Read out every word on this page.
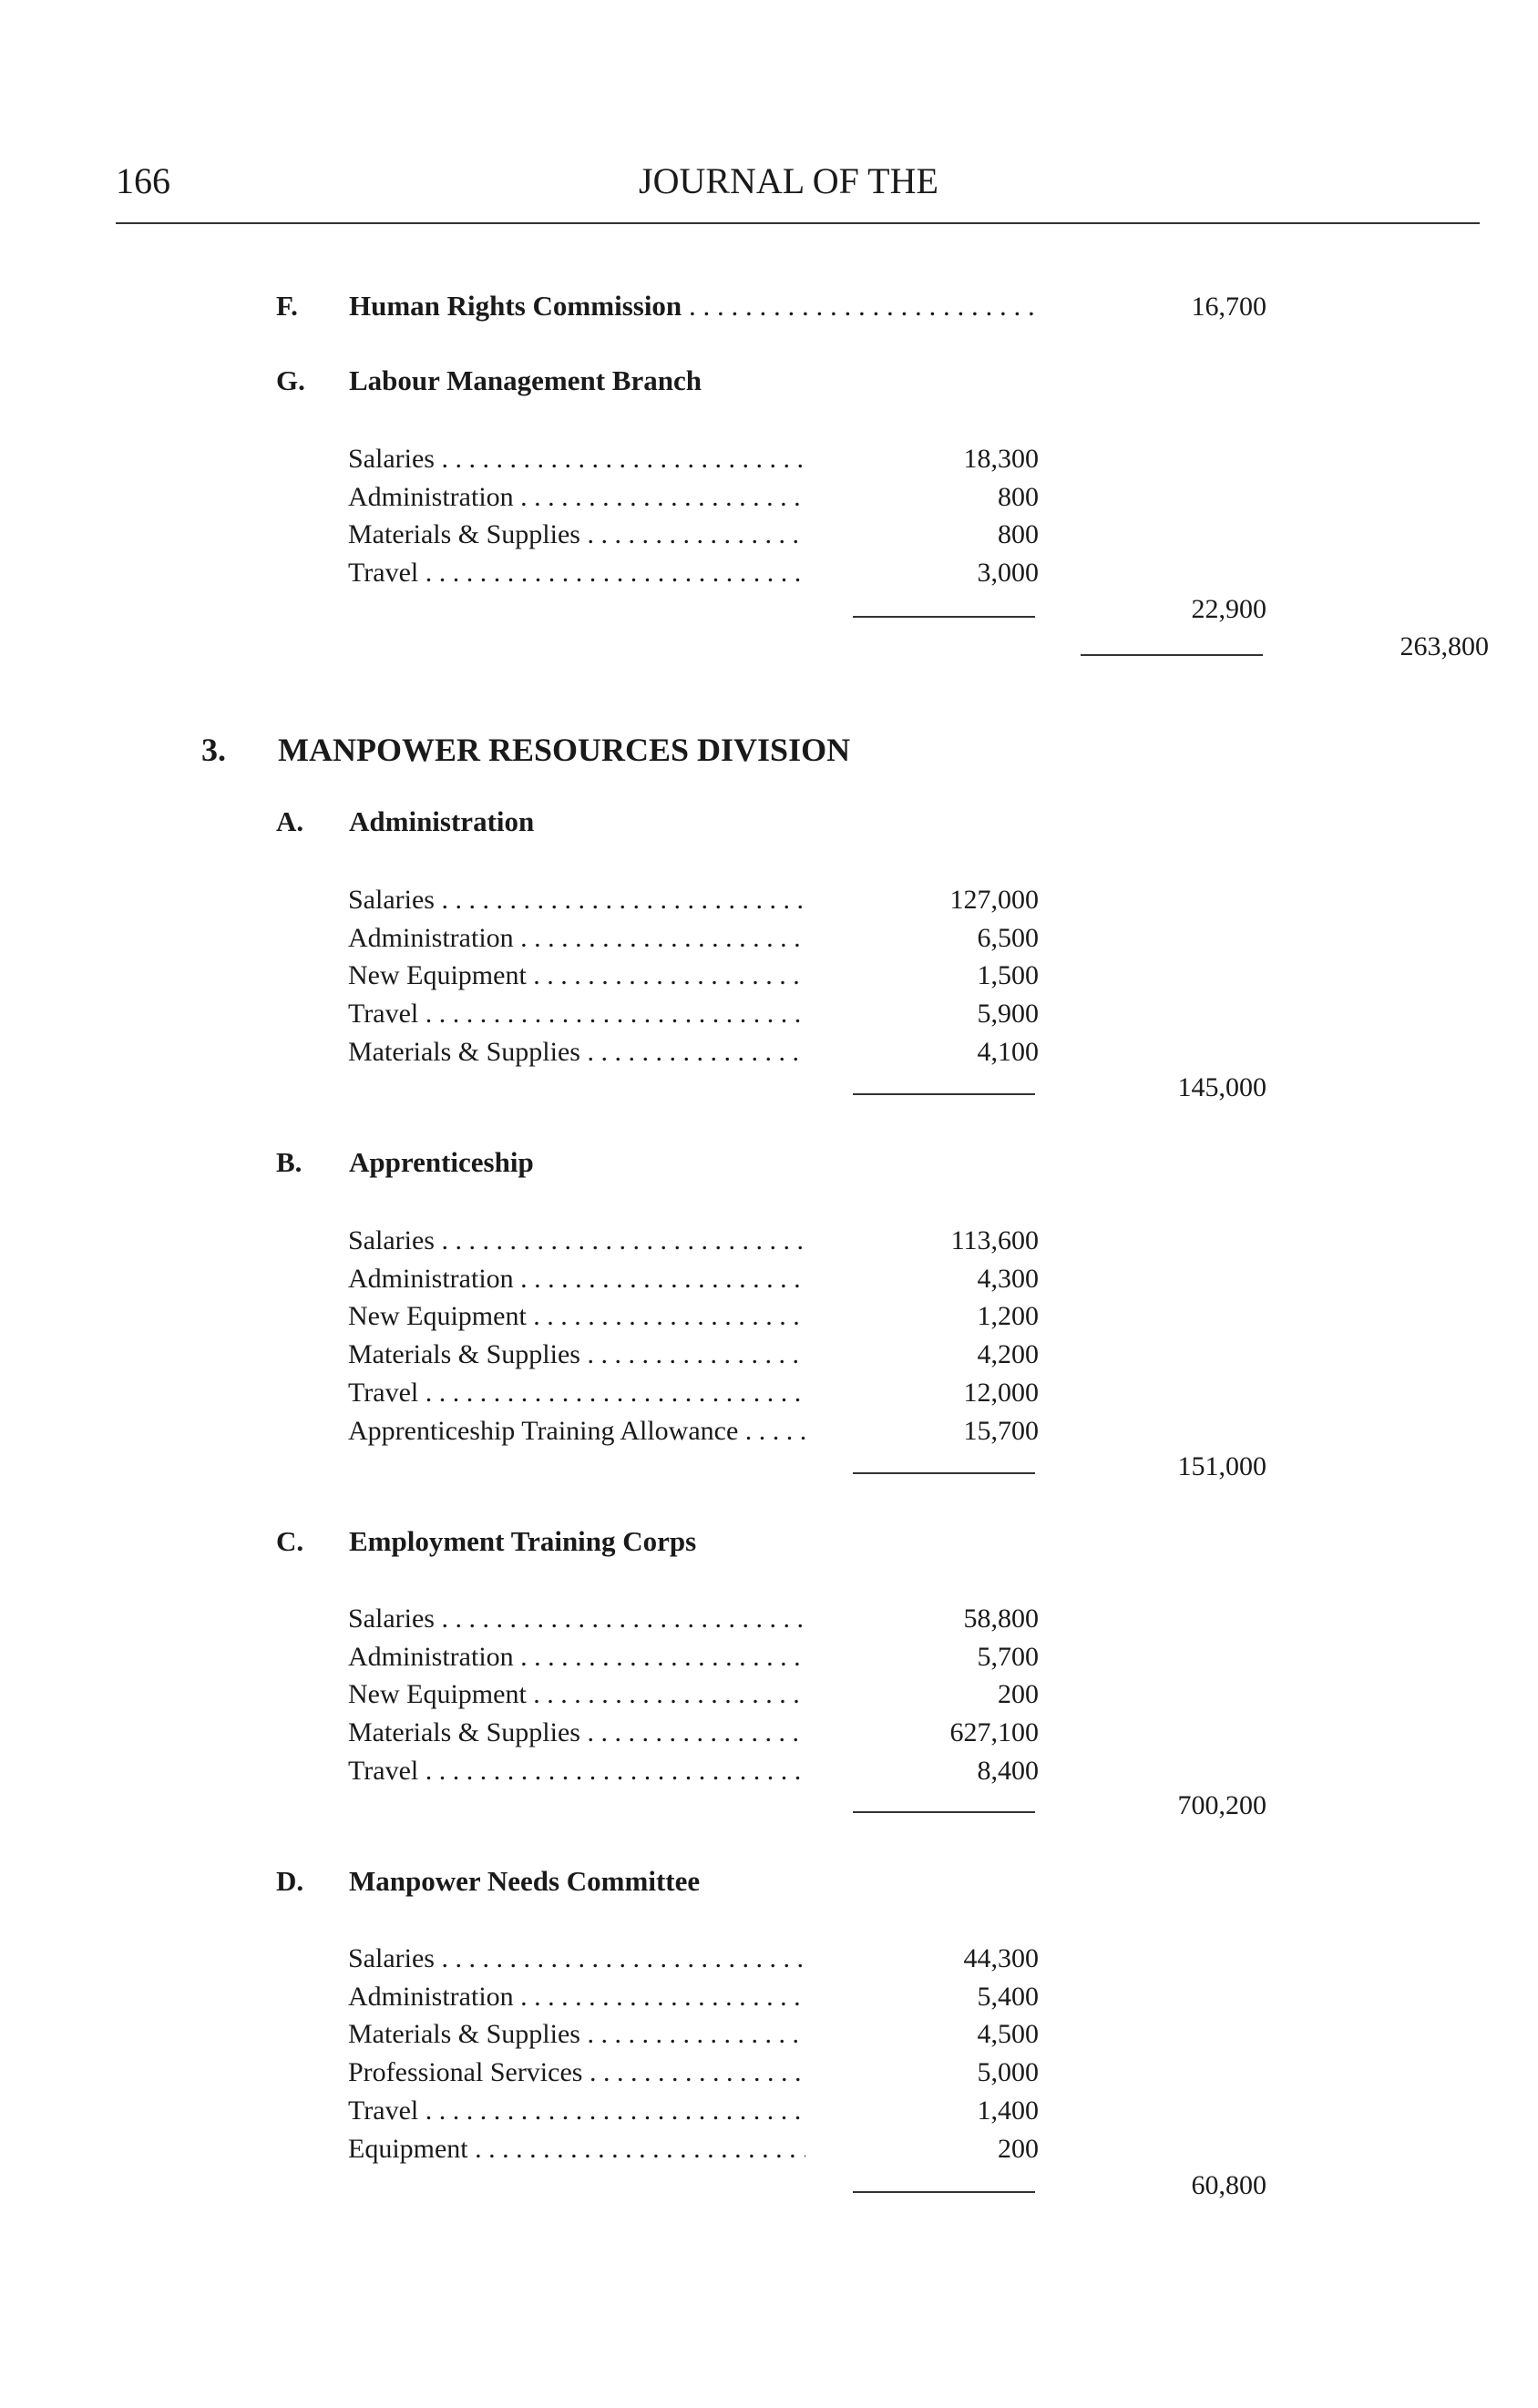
166	JOURNAL OF THE
F. Human Rights Commission . . .	16,700
G. Labour Management Branch
Salaries . . .	18,300
Administration . . .	800
Materials & Supplies . . .	800
Travel . . .	3,000
22,900
263,800
3. MANPOWER RESOURCES DIVISION
A. Administration
Salaries . . .	127,000
Administration . . .	6,500
New Equipment . . .	1,500
Travel . . .	5,900
Materials & Supplies . . .	4,100
145,000
B. Apprenticeship
Salaries . . .	113,600
Administration . . .	4,300
New Equipment . . .	1,200
Materials & Supplies . . .	4,200
Travel . . .	12,000
Apprenticeship Training Allowance . . .	15,700
151,000
C. Employment Training Corps
Salaries . . .	58,800
Administration . . .	5,700
New Equipment . . .	200
Materials & Supplies . . .	627,100
Travel . . .	8,400
700,200
D. Manpower Needs Committee
Salaries . . .	44,300
Administration . . .	5,400
Materials & Supplies . . .	4,500
Professional Services . . .	5,000
Travel . . .	1,400
Equipment . . .	200
60,800
